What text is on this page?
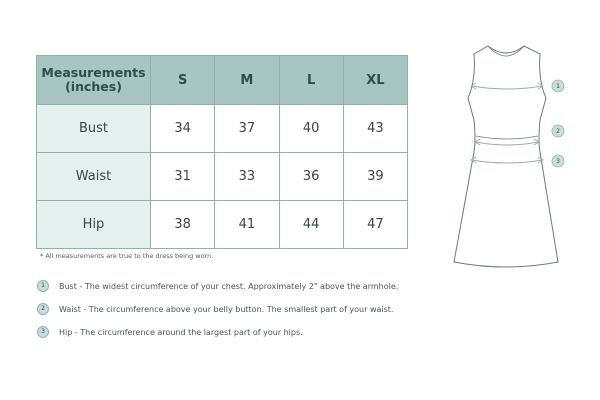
Measurements (inches)	S	M	L	XL
Bust	34	37	40	43
Waist	31	33	36	39
Hip	38	41	44	47
* All measurements are true to the dress being worn.
1	Bust - The widest circumference of your chest. Approximately 2" above the armhole.
2	Waist - The circumference above your belly button. The smallest part of your waist.
3	Hip - The circumference around the largest part of your hips.
1
2
3
